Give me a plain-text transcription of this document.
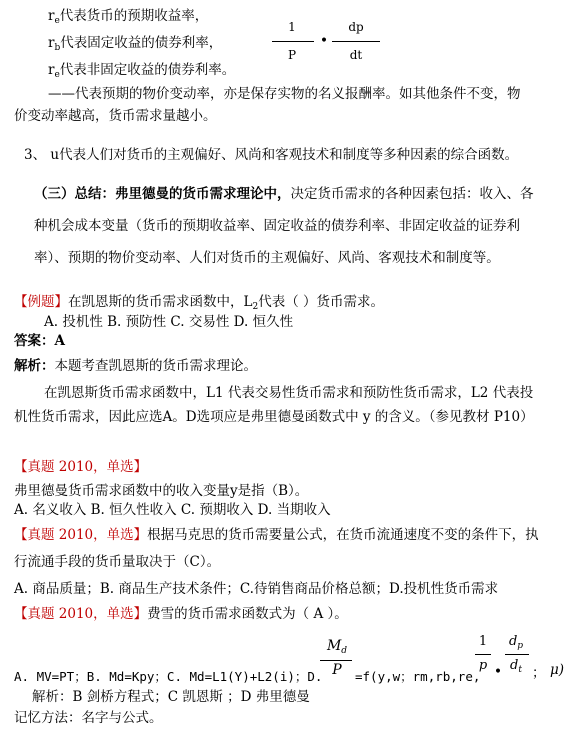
$r_e$代表货币的预期收益率，
$r_b$代表固定收益的债券利率，
$r_e$代表非固定收益的债券利率。
1
P
•
dp
dt
——代表预期的物价变动率，亦是保存实物的名义报酬率。如其他条件不变，物
价变动率越高，货币需求量越小。
3、 u代表人们对货币的主观偏好、风尚和客观技术和制度等多种因素的综合函数。
（三）总结：弗里德曼的货币需求理论中，决定货币需求的各种因素包括：收入、各
种机会成本变量（货币的预期收益率、固定收益的债券利率、非固定收益的证券利
率）、预期的物价变动率、人们对货币的主观偏好、风尚、客观技术和制度等。
【例题】在凯恩斯的货币需求函数中，$L_2$代表（ ）货币需求。
A. 投机性 B. 预防性 C. 交易性 D. 恒久性
答案：A
解析：本题考查凯恩斯的货币需求理论。
在凯恩斯货币需求函数中，L1 代表交易性货币需求和预防性货币需求，L2 代表投
机性货币需求，因此应选A。D选项应是弗里德曼函数式中 y 的含义。（参见教材 P10）
【真题 2010，单选】
弗里德曼货币需求函数中的收入变量y是指（B）。
A. 名义收入 B. 恒久性收入 C. 预期收入 D. 当期收入
【真题 2010，单选】根据马克思的货币需要量公式，在货币流通速度不变的条件下，执
行流通手段的货币量取决于（C）。
A. 商品质量；B. 商品生产技术条件；C.待销售商品价格总额；D.投机性货币需求
【真题 2010，单选】费雪的货币需求函数式为（ A ）。
A. MV=PT；B. Md=Kpy；C. Md=L1(Y)+L2(i)；D.
$M_d$
P	=f(y,w；rm,rb,re,
1
p •
$d_p$
$d_t$ ； μ)
解析：B 剑桥方程式；C 凯恩斯 ；D 弗里德曼
记忆方法：名字与公式。
